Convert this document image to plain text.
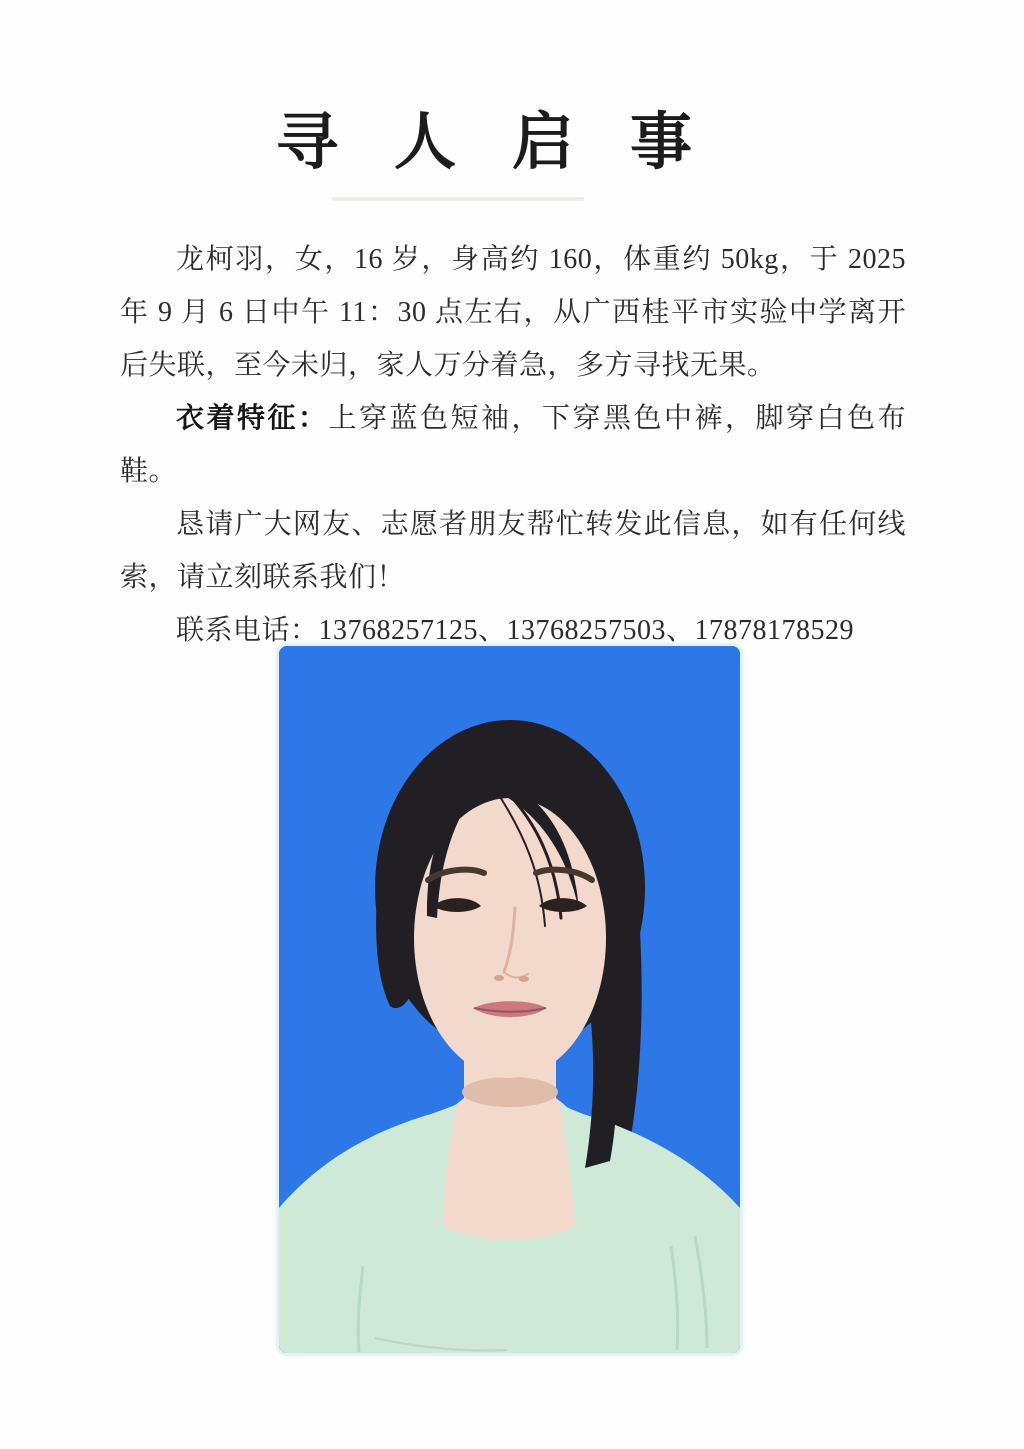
寻人启事

龙柯羽，女，16 岁，身高约 160，体重约 50kg，于 2025 年 9 月 6 日中午 11：30 点左右，从广西桂平市实验中学离开后失联，至今未归，家人万分着急，多方寻找无果。

衣着特征：上穿蓝色短袖，下穿黑色中裤，脚穿白色布鞋。

恳请广大网友、志愿者朋友帮忙转发此信息，如有任何线索，请立刻联系我们！

联系电话：13768257125、13768257503、17878178529
